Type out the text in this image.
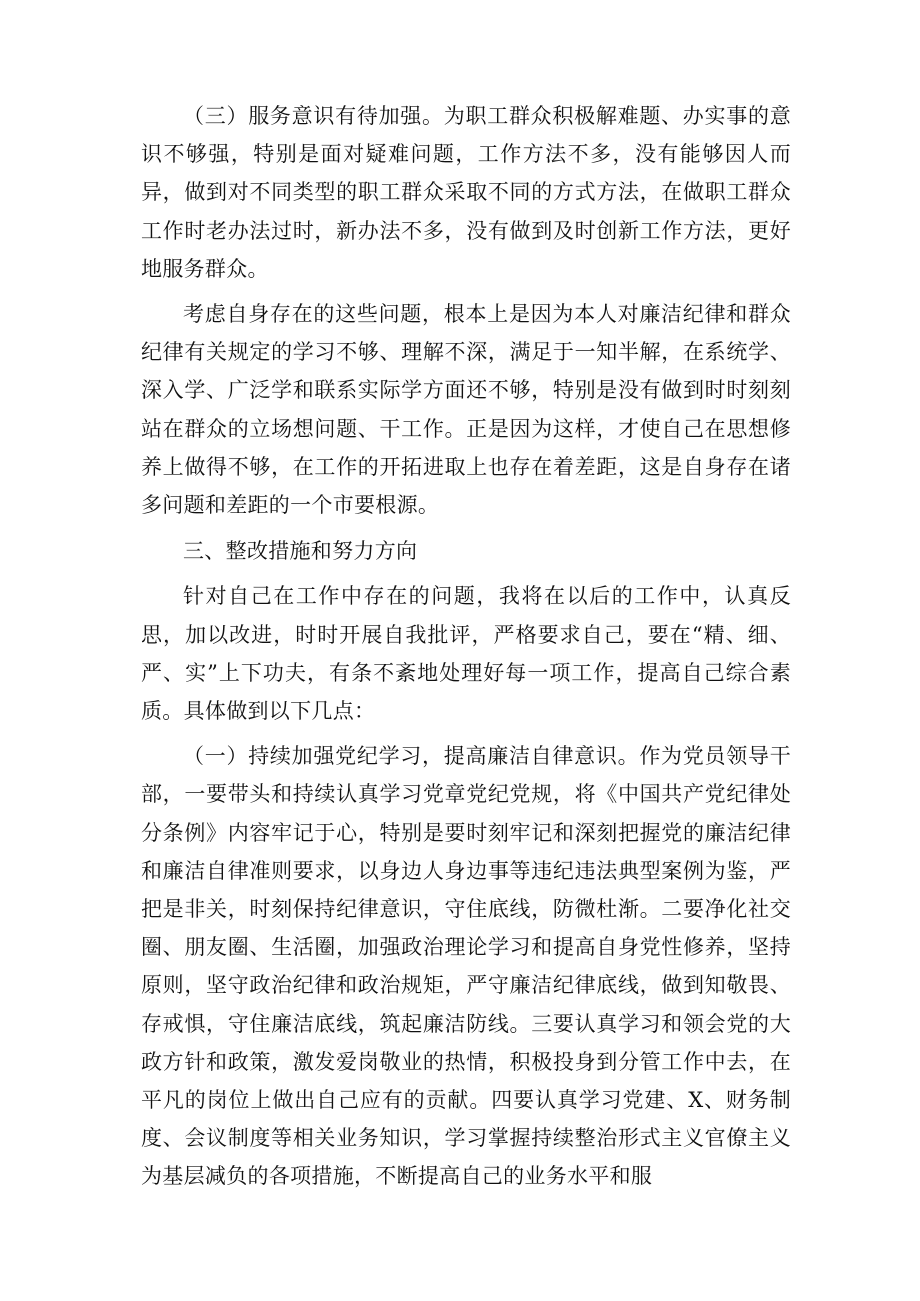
（三）服务意识有待加强。为职工群众积极解难题、办实事的意识不够强，特别是面对疑难问题，工作方法不多，没有能够因人而异，做到对不同类型的职工群众采取不同的方式方法，在做职工群众工作时老办法过时，新办法不多，没有做到及时创新工作方法，更好地服务群众。

考虑自身存在的这些问题，根本上是因为本人对廉洁纪律和群众纪律有关规定的学习不够、理解不深，满足于一知半解，在系统学、深入学、广泛学和联系实际学方面还不够，特别是没有做到时时刻刻站在群众的立场想问题、干工作。正是因为这样，才使自己在思想修养上做得不够，在工作的开拓进取上也存在着差距，这是自身存在诸多问题和差距的一个市要根源。

三、整改措施和努力方向

针对自己在工作中存在的问题，我将在以后的工作中，认真反思，加以改进，时时开展自我批评，严格要求自己，要在“精、细、严、实”上下功夫，有条不紊地处理好每一项工作，提高自己综合素质。具体做到以下几点：

（一）持续加强党纪学习，提高廉洁自律意识。作为党员领导干部，一要带头和持续认真学习党章党纪党规，将《中国共产党纪律处分条例》内容牢记于心，特别是要时刻牢记和深刻把握党的廉洁纪律和廉洁自律准则要求，以身边人身边事等违纪违法典型案例为鉴，严把是非关，时刻保持纪律意识，守住底线，防微杜渐。二要净化社交圈、朋友圈、生活圈，加强政治理论学习和提高自身党性修养，坚持原则，坚守政治纪律和政治规矩，严守廉洁纪律底线，做到知敬畏、存戒惧，守住廉洁底线，筑起廉洁防线。三要认真学习和领会党的大政方针和政策，激发爱岗敬业的热情，积极投身到分管工作中去，在平凡的岗位上做出自己应有的贡献。四要认真学习党建、X、财务制度、会议制度等相关业务知识，学习掌握持续整治形式主义官僚主义为基层减负的各项措施，不断提高自己的业务水平和服
